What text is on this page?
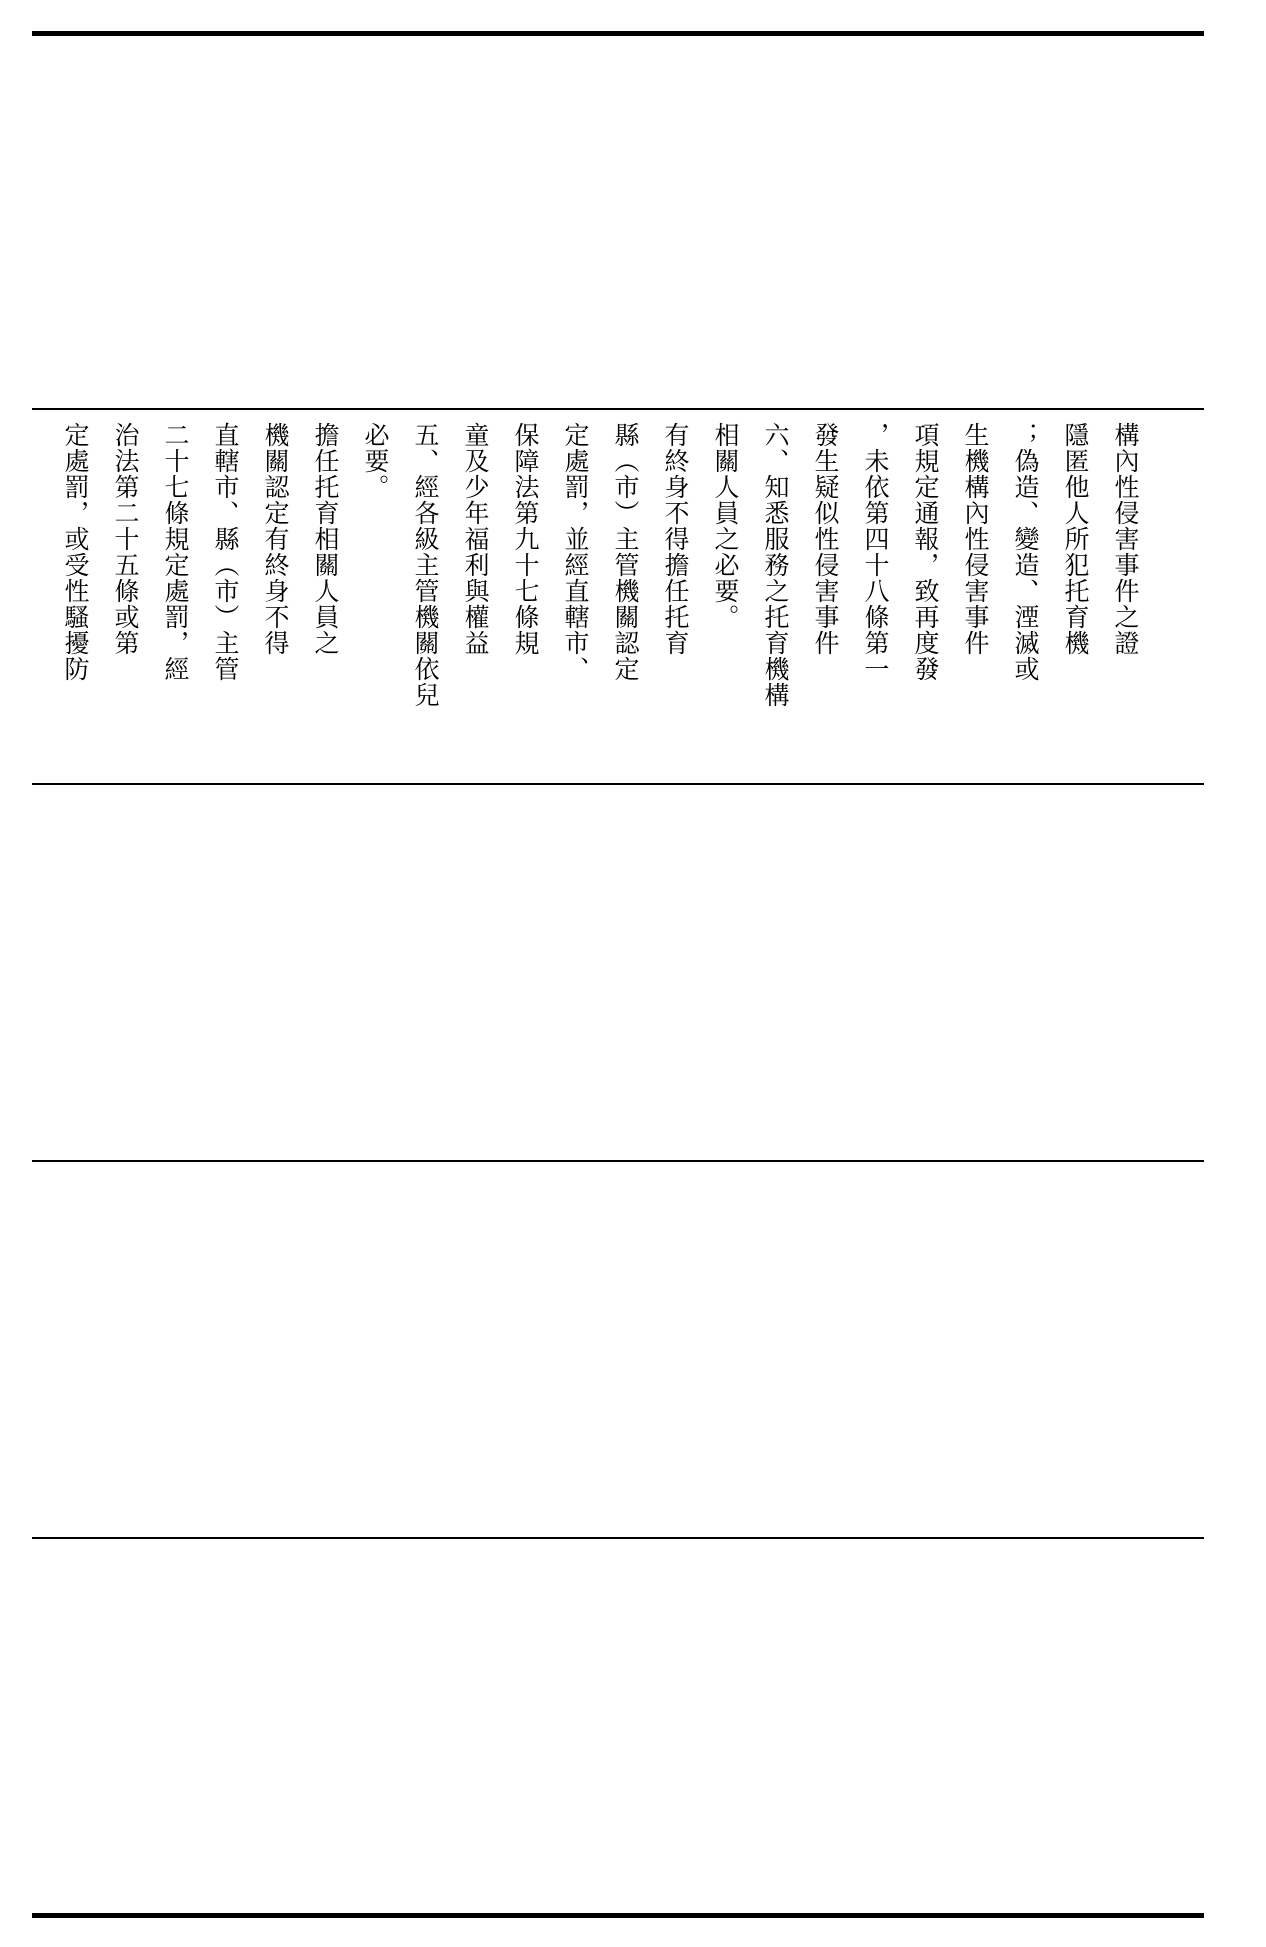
定處罰，或受性騷擾防 治法第二十五條或第 二十七條規定處罰，經 直轄市、縣（市）主管 機關認定有終身不得 擔任托育相關人員之 必要。 五、經各級主管機關依兒 童及少年福利與權益 保障法第九十七條規 定處罰，並經直轄市、 縣（市）主管機關認定 有終身不得擔任托育 相關人員之必要。 六、知悉服務之托育機構 發生疑似性侵害事件 ，未依第四十八條第一 項規定通報，致再度發 生機構內性侵害事件 ；偽造、變造、湮滅或 隱匿他人所犯托育機 構內性侵害事件之證
